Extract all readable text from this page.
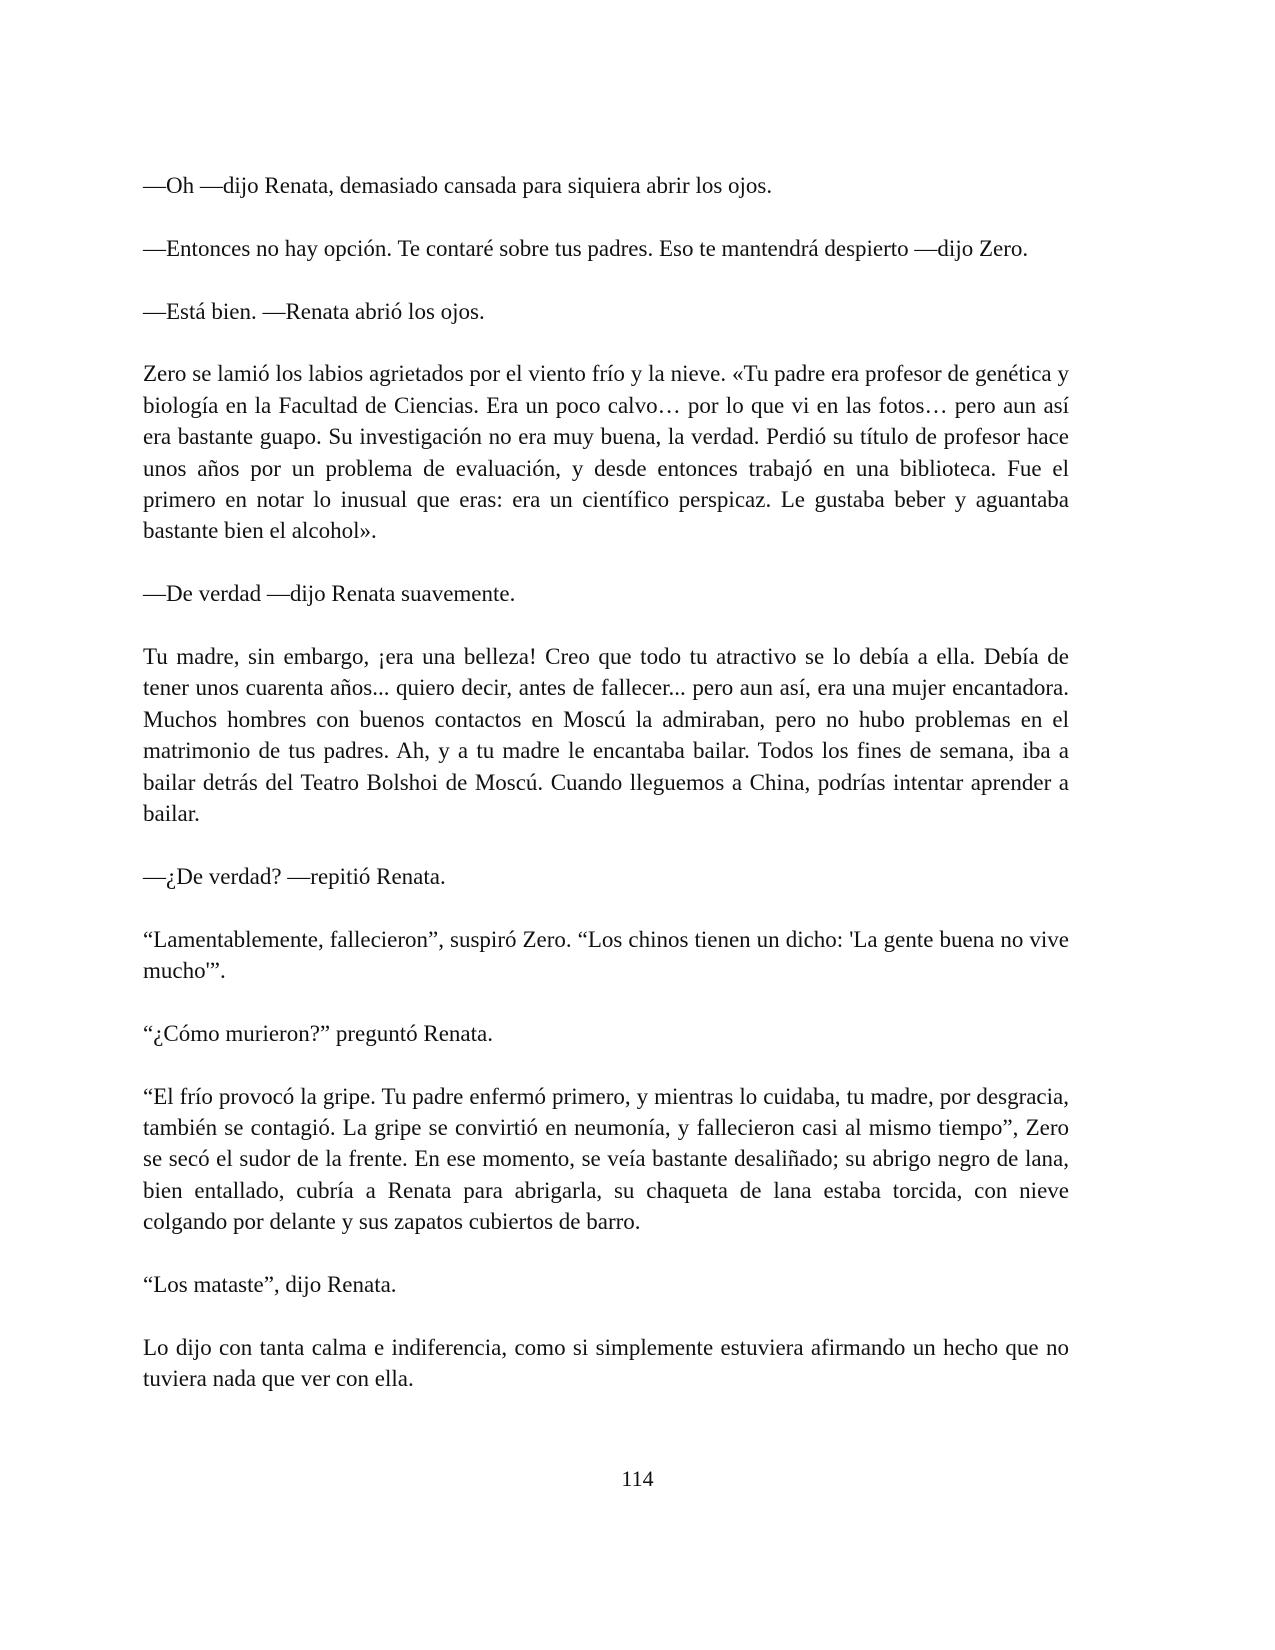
—Oh —dijo Renata, demasiado cansada para siquiera abrir los ojos.

—Entonces no hay opción. Te contaré sobre tus padres. Eso te mantendrá despierto —dijo Zero.

—Está bien. —Renata abrió los ojos.

Zero se lamió los labios agrietados por el viento frío y la nieve. «Tu padre era profesor de genética y biología en la Facultad de Ciencias. Era un poco calvo… por lo que vi en las fotos… pero aun así era bastante guapo. Su investigación no era muy buena, la verdad. Perdió su título de profesor hace unos años por un problema de evaluación, y desde entonces trabajó en una biblioteca. Fue el primero en notar lo inusual que eras: era un científico perspicaz. Le gustaba beber y aguantaba bastante bien el alcohol».

—De verdad —dijo Renata suavemente.

Tu madre, sin embargo, ¡era una belleza! Creo que todo tu atractivo se lo debía a ella. Debía de tener unos cuarenta años... quiero decir, antes de fallecer... pero aun así, era una mujer encantadora. Muchos hombres con buenos contactos en Moscú la admiraban, pero no hubo problemas en el matrimonio de tus padres. Ah, y a tu madre le encantaba bailar. Todos los fines de semana, iba a bailar detrás del Teatro Bolshoi de Moscú. Cuando lleguemos a China, podrías intentar aprender a bailar.

—¿De verdad? —repitió Renata.

“Lamentablemente, fallecieron”, suspiró Zero. “Los chinos tienen un dicho: 'La gente buena no vive mucho'”.

“¿Cómo murieron?” preguntó Renata.

“El frío provocó la gripe. Tu padre enfermó primero, y mientras lo cuidaba, tu madre, por desgracia, también se contagió. La gripe se convirtió en neumonía, y fallecieron casi al mismo tiempo”, Zero se secó el sudor de la frente. En ese momento, se veía bastante desaliñado; su abrigo negro de lana, bien entallado, cubría a Renata para abrigarla, su chaqueta de lana estaba torcida, con nieve colgando por delante y sus zapatos cubiertos de barro.

“Los mataste”, dijo Renata.

Lo dijo con tanta calma e indiferencia, como si simplemente estuviera afirmando un hecho que no tuviera nada que ver con ella.

114
